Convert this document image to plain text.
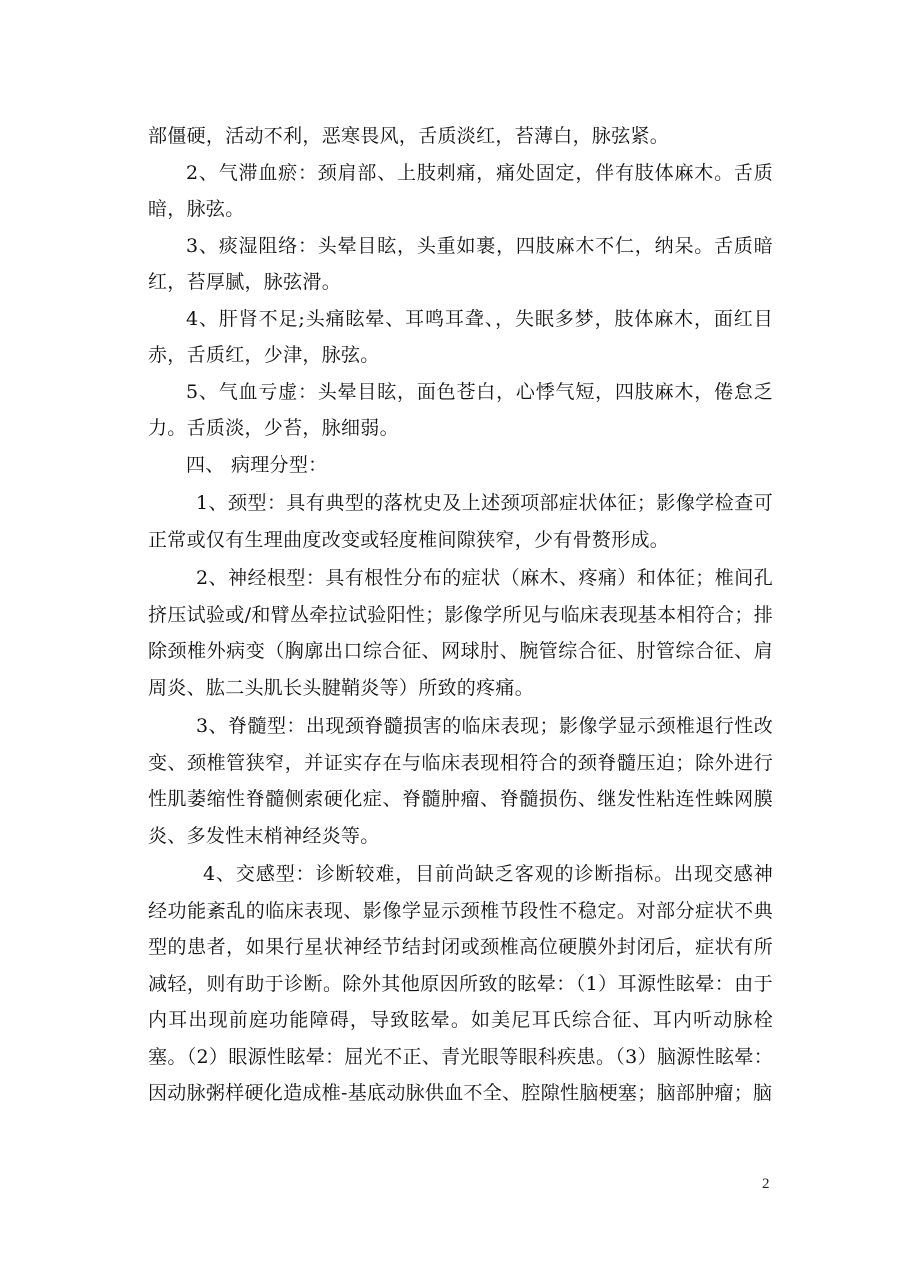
部僵硬，活动不利，恶寒畏风，舌质淡红，苔薄白，脉弦紧。

2、气滞血瘀：颈肩部、上肢刺痛，痛处固定，伴有肢体麻木。舌质暗，脉弦。

3、痰湿阻络：头晕目眩，头重如裹，四肢麻木不仁，纳呆。舌质暗红，苔厚腻，脉弦滑。

4、肝肾不足;头痛眩晕、耳鸣耳聋、，失眠多梦，肢体麻木，面红目赤，舌质红，少津，脉弦。

5、气血亏虚：头晕目眩，面色苍白，心悸气短，四肢麻木，倦怠乏力。舌质淡，少苔，脉细弱。

四、 病理分型：

1、颈型：具有典型的落枕史及上述颈项部症状体征；影像学检查可正常或仅有生理曲度改变或轻度椎间隙狭窄，少有骨赘形成。

2、神经根型：具有根性分布的症状（麻木、疼痛）和体征；椎间孔挤压试验或/和臂丛牵拉试验阳性；影像学所见与临床表现基本相符合；排除颈椎外病变（胸廓出口综合征、网球肘、腕管综合征、肘管综合征、肩周炎、肱二头肌长头腱鞘炎等）所致的疼痛。

3、脊髓型：出现颈脊髓损害的临床表现；影像学显示颈椎退行性改变、颈椎管狭窄，并证实存在与临床表现相符合的颈脊髓压迫；除外进行性肌萎缩性脊髓侧索硬化症、脊髓肿瘤、脊髓损伤、继发性粘连性蛛网膜炎、多发性末梢神经炎等。

4、交感型：诊断较难，目前尚缺乏客观的诊断指标。出现交感神经功能紊乱的临床表现、影像学显示颈椎节段性不稳定。对部分症状不典型的患者，如果行星状神经节结封闭或颈椎高位硬膜外封闭后，症状有所减轻，则有助于诊断。除外其他原因所致的眩晕：（1）耳源性眩晕：由于内耳出现前庭功能障碍，导致眩晕。如美尼耳氏综合征、耳内听动脉栓塞。（2）眼源性眩晕：屈光不正、青光眼等眼科疾患。（3）脑源性眩晕：因动脉粥样硬化造成椎-基底动脉供血不全、腔隙性脑梗塞；脑部肿瘤；脑

2
